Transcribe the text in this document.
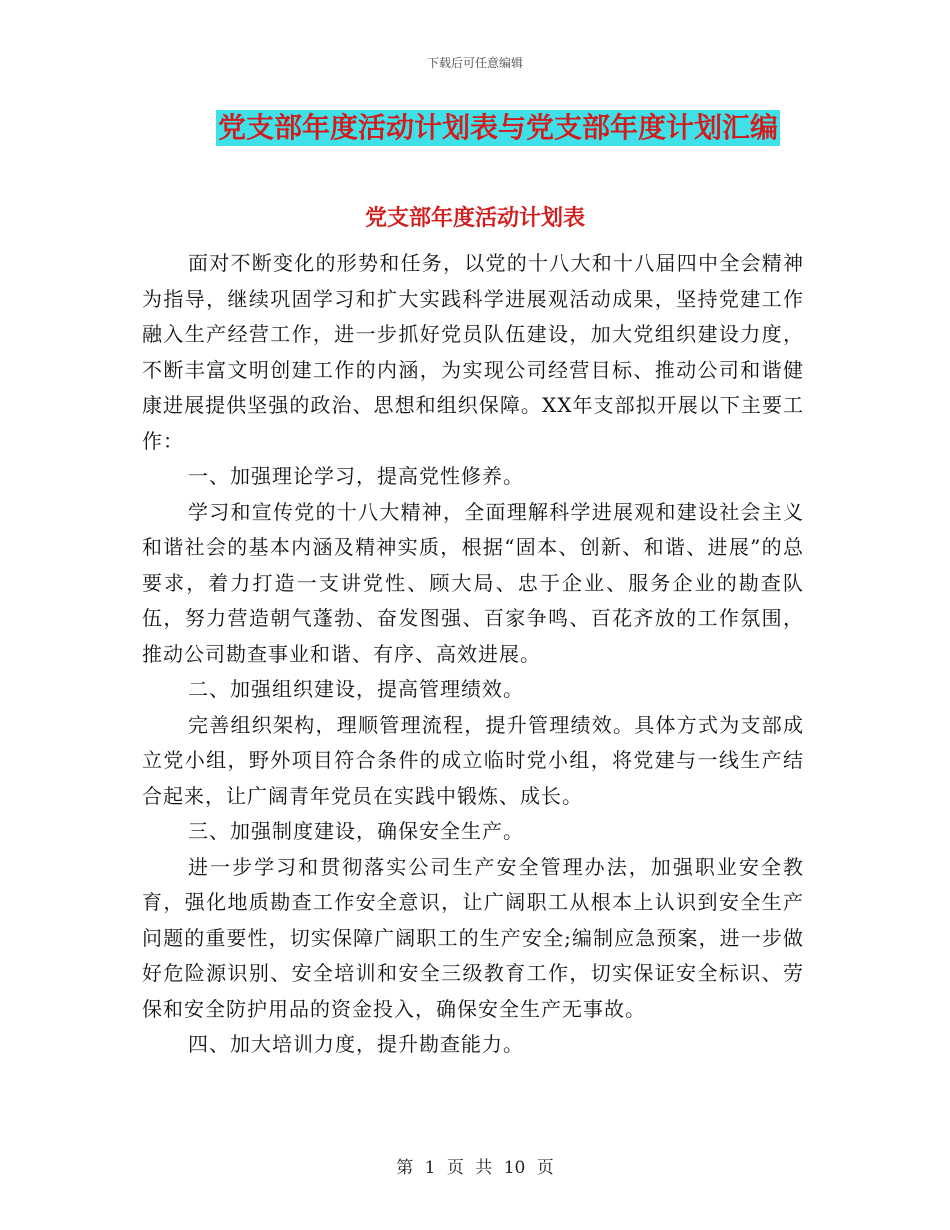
下载后可任意编辑
党支部年度活动计划表与党支部年度计划汇编
党支部年度活动计划表

面对不断变化的形势和任务，以党的十八大和十八届四中全会精神为指导，继续巩固学习和扩大实践科学进展观活动成果，坚持党建工作融入生产经营工作，进一步抓好党员队伍建设，加大党组织建设力度，不断丰富文明创建工作的内涵，为实现公司经营目标、推动公司和谐健康进展提供坚强的政治、思想和组织保障。XX年支部拟开展以下主要工作：

一、加强理论学习，提高党性修养。

学习和宣传党的十八大精神，全面理解科学进展观和建设社会主义和谐社会的基本内涵及精神实质，根据“固本、创新、和谐、进展”的总要求，着力打造一支讲党性、顾大局、忠于企业、服务企业的勘查队伍，努力营造朝气蓬勃、奋发图强、百家争鸣、百花齐放的工作氛围，推动公司勘查事业和谐、有序、高效进展。

二、加强组织建设，提高管理绩效。

完善组织架构，理顺管理流程，提升管理绩效。具体方式为支部成立党小组，野外项目符合条件的成立临时党小组，将党建与一线生产结合起来，让广阔青年党员在实践中锻炼、成长。

三、加强制度建设，确保安全生产。

进一步学习和贯彻落实公司生产安全管理办法，加强职业安全教育，强化地质勘查工作安全意识，让广阔职工从根本上认识到安全生产问题的重要性，切实保障广阔职工的生产安全;编制应急预案，进一步做好危险源识别、安全培训和安全三级教育工作，切实保证安全标识、劳保和安全防护用品的资金投入，确保安全生产无事故。

四、加大培训力度，提升勘查能力。

第 1 页 共 10 页
